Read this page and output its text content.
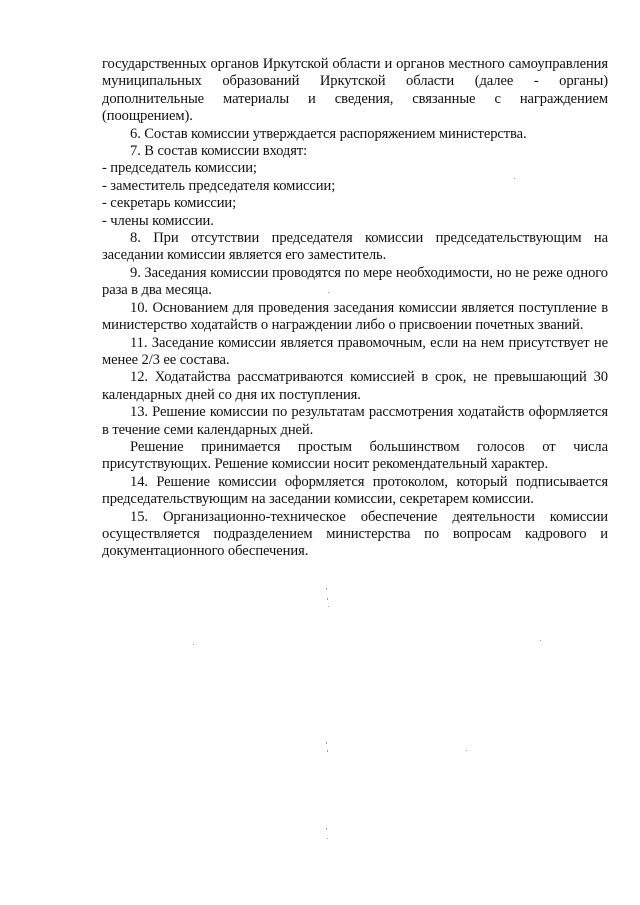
государственных органов Иркутской области и органов местного самоуправления муниципальных образований Иркутской области (далее - органы) дополнительные материалы и сведения, связанные с награждением (поощрением).

6. Состав комиссии утверждается распоряжением министерства.

7. В состав комиссии входят:

- председатель комиссии;

- заместитель председателя комиссии;

- секретарь комиссии;

- члены комиссии.

8. При отсутствии председателя комиссии председательствующим на заседании комиссии является его заместитель.

9. Заседания комиссии проводятся по мере необходимости, но не реже одного раза в два месяца.

10. Основанием для проведения заседания комиссии является поступление в министерство ходатайств о награждении либо о присвоении почетных званий.

11. Заседание комиссии является правомочным, если на нем присутствует не менее 2/3 ее состава.

12. Ходатайства рассматриваются комиссией в срок, не превышающий 30 календарных дней со дня их поступления.

13. Решение комиссии по результатам рассмотрения ходатайств оформляется в течение семи календарных дней.

Решение принимается простым большинством голосов от числа присутствующих. Решение комиссии носит рекомендательный характер.

14. Решение комиссии оформляется протоколом, который подписывается председательствующим на заседании комиссии, секретарем комиссии.

15. Организационно-техническое обеспечение деятельности комиссии осуществляется подразделением министерства по вопросам кадрового и документационного обеспечения.
